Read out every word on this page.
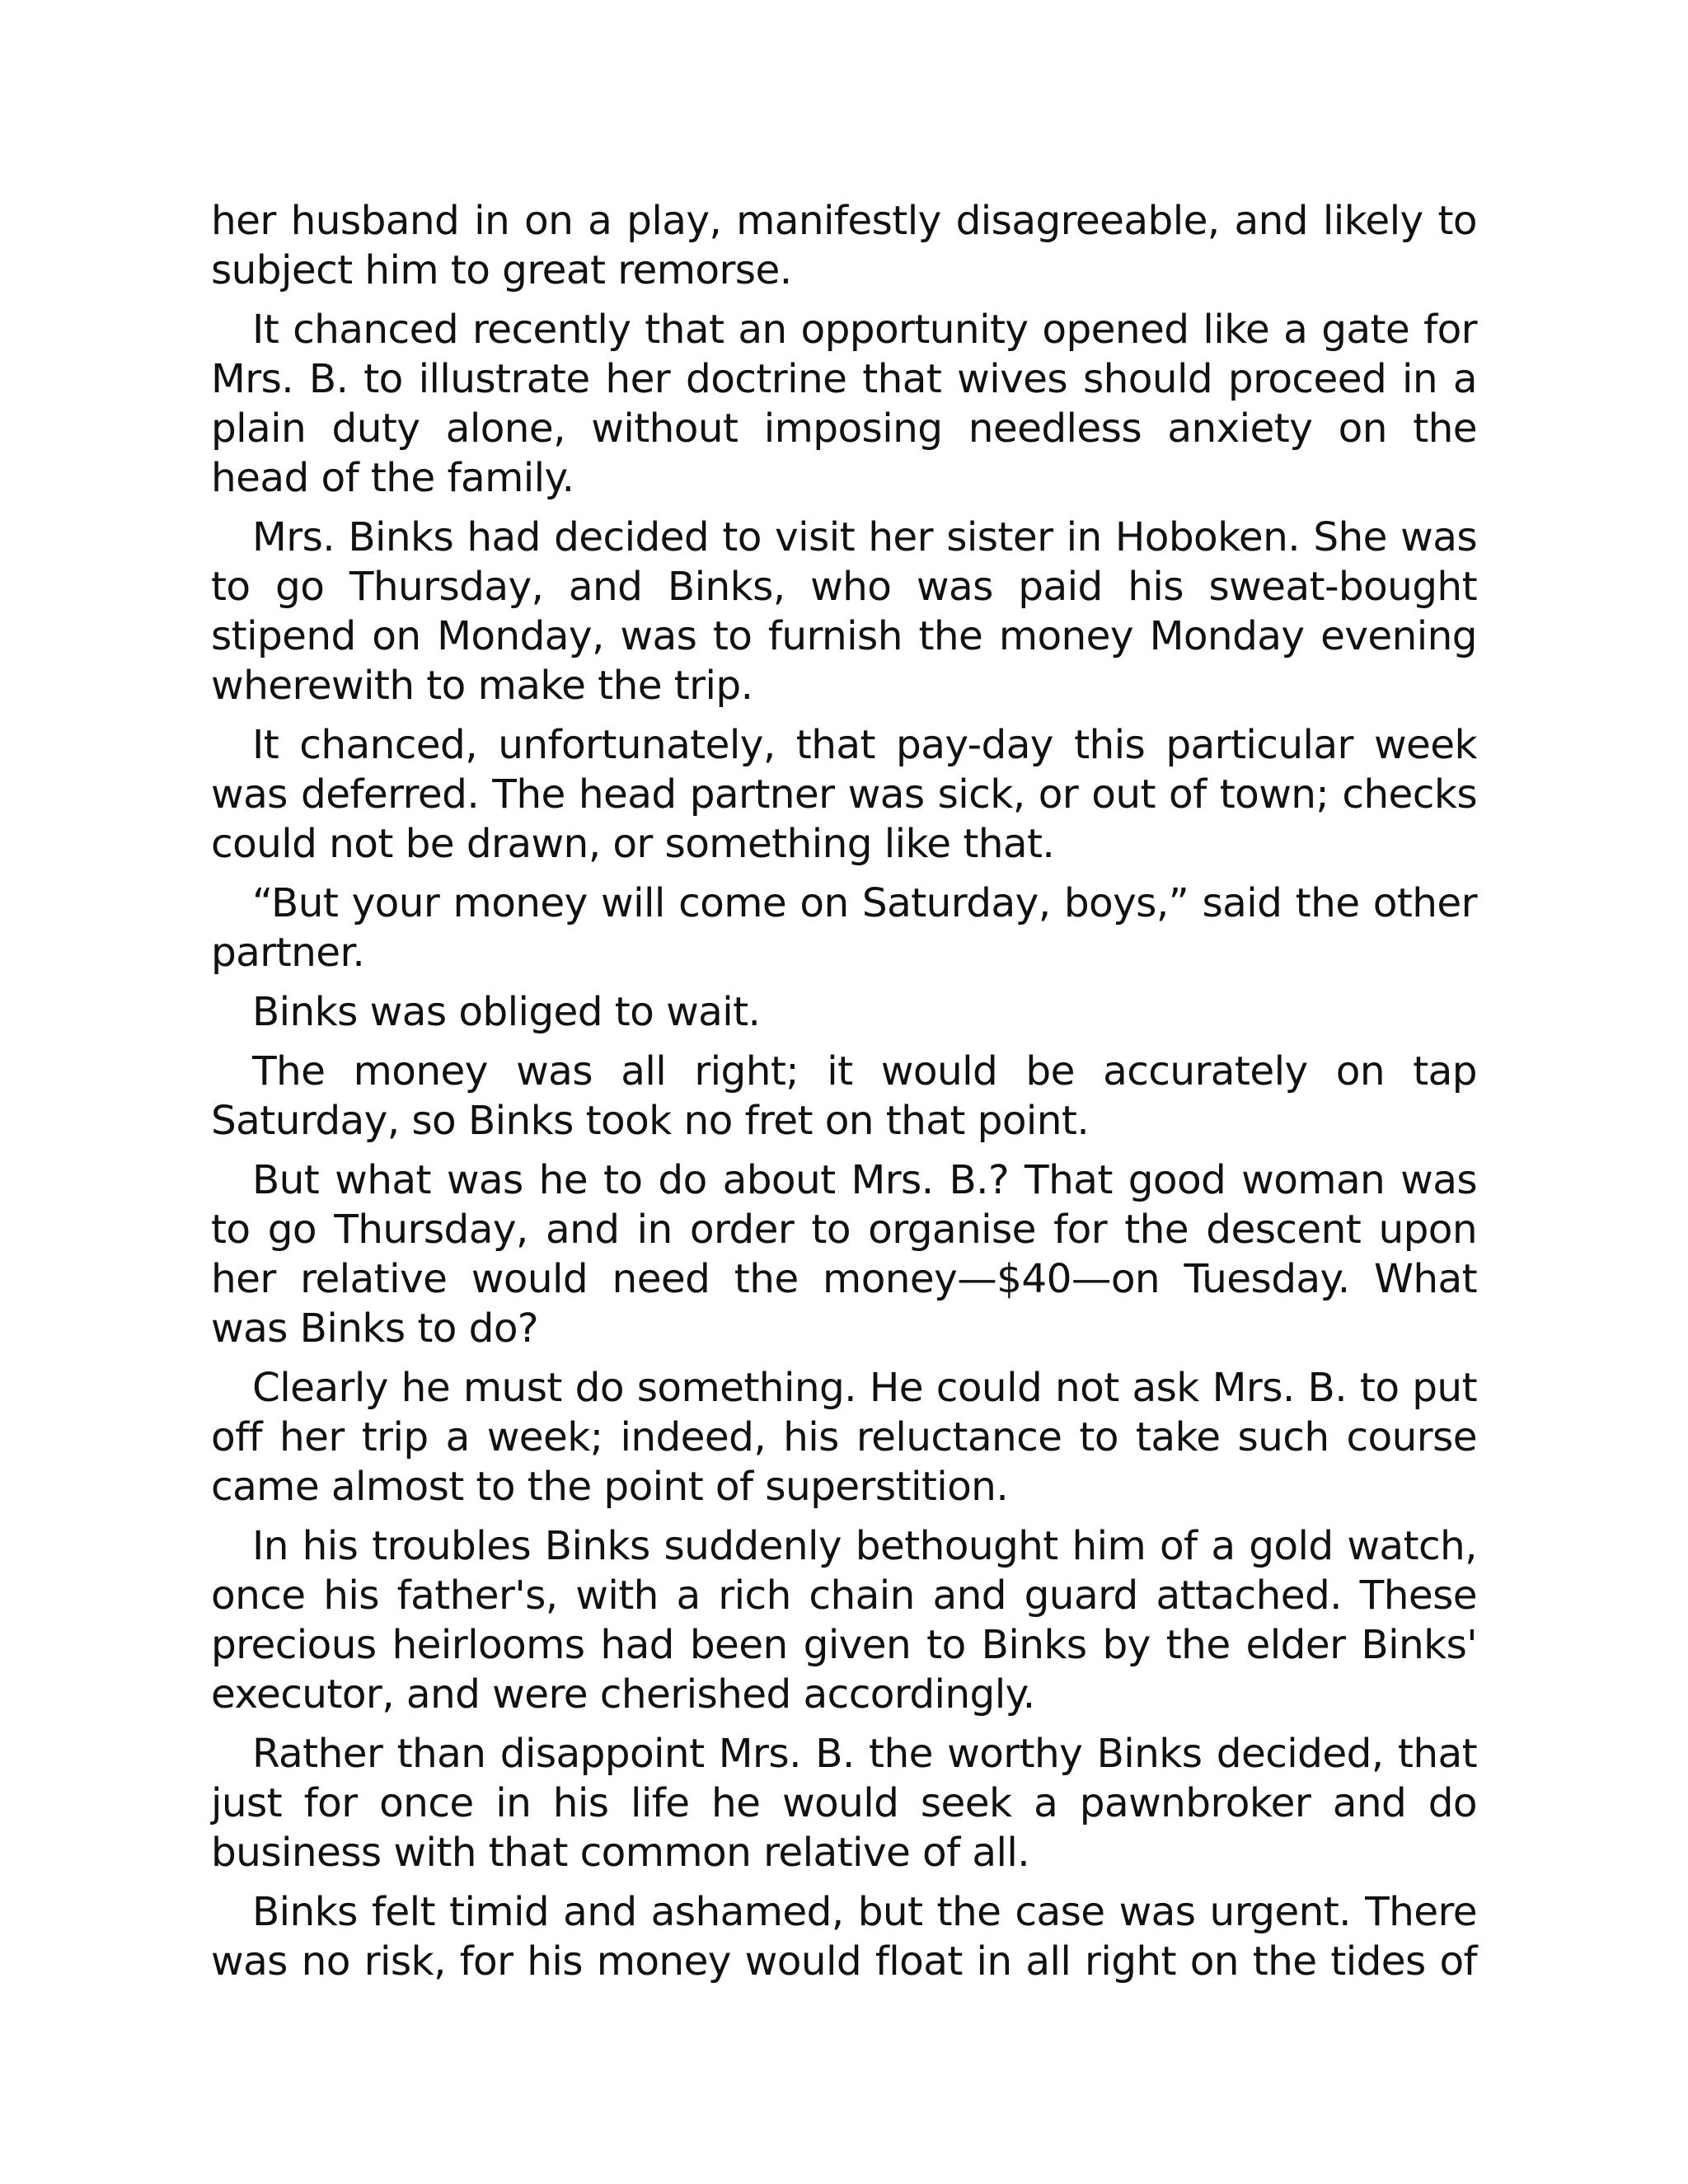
her husband in on a play, manifestly disagreeable, and likely to subject him to great remorse.

It chanced recently that an opportunity opened like a gate for Mrs. B. to illustrate her doctrine that wives should proceed in a plain duty alone, without imposing needless anxiety on the head of the family.

Mrs. Binks had decided to visit her sister in Hoboken. She was to go Thursday, and Binks, who was paid his sweat-bought stipend on Monday, was to furnish the money Monday evening wherewith to make the trip.

It chanced, unfortunately, that pay-day this particular week was deferred. The head partner was sick, or out of town; checks could not be drawn, or something like that.

“But your money will come on Saturday, boys,” said the other partner.

Binks was obliged to wait.

The money was all right; it would be accurately on tap Saturday, so Binks took no fret on that point.

But what was he to do about Mrs. B.? That good woman was to go Thursday, and in order to organise for the descent upon her relative would need the money—$40—on Tuesday. What was Binks to do?

Clearly he must do something. He could not ask Mrs. B. to put off her trip a week; indeed, his reluctance to take such course came almost to the point of superstition.

In his troubles Binks suddenly bethought him of a gold watch, once his father's, with a rich chain and guard attached. These precious heirlooms had been given to Binks by the elder Binks' executor, and were cherished accordingly.

Rather than disappoint Mrs. B. the worthy Binks decided, that just for once in his life he would seek a pawnbroker and do business with that common relative of all.

Binks felt timid and ashamed, but the case was urgent. There was no risk, for his money would float in all right on the tides of
